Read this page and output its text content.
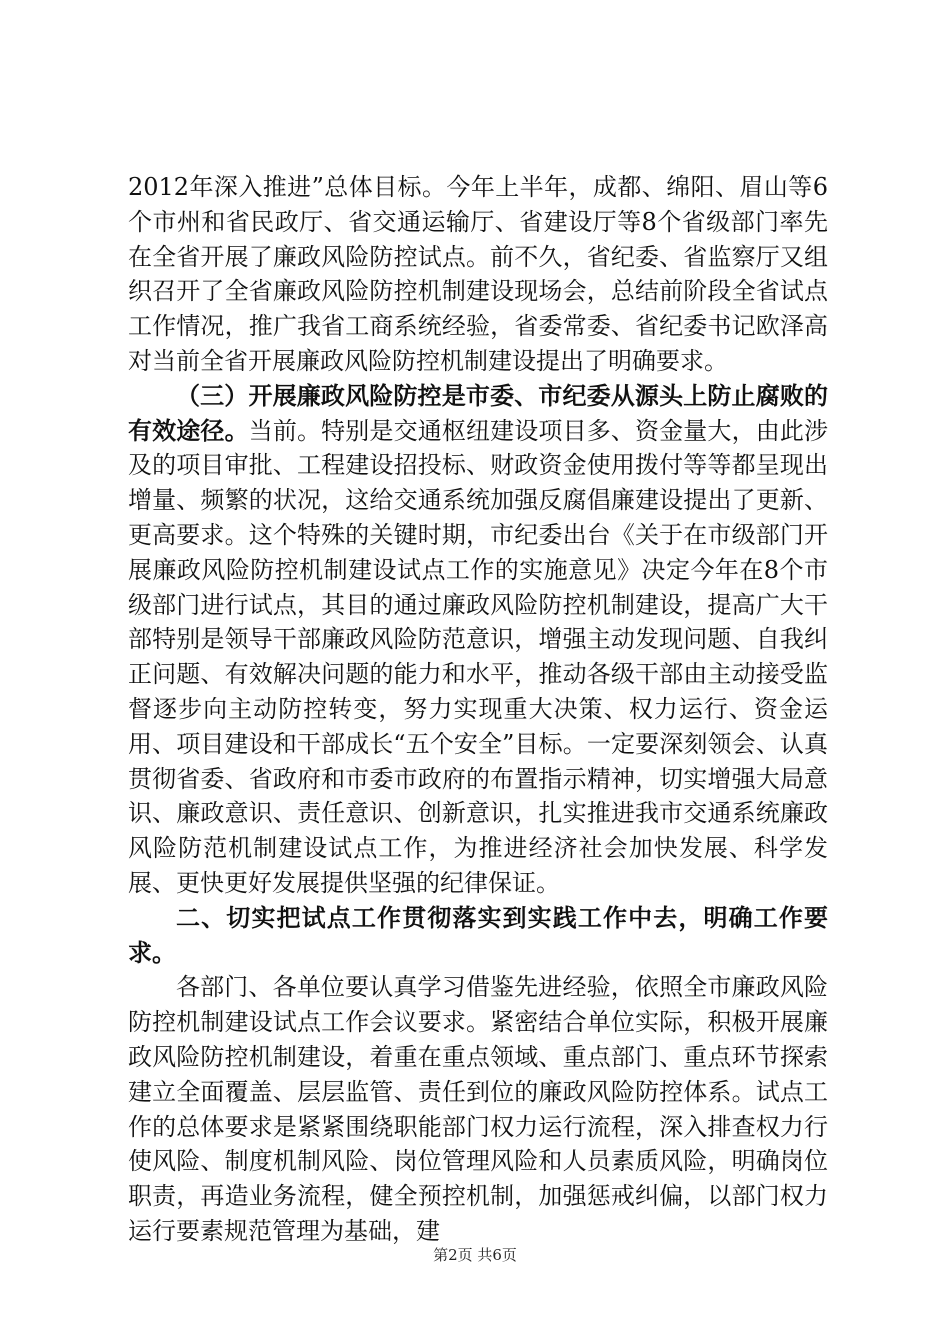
2012年深入推进”总体目标。今年上半年，成都、绵阳、眉山等6个市州和省民政厅、省交通运输厅、省建设厅等8个省级部门率先在全省开展了廉政风险防控试点。前不久，省纪委、省监察厅又组织召开了全省廉政风险防控机制建设现场会，总结前阶段全省试点工作情况，推广我省工商系统经验，省委常委、省纪委书记欧泽高对当前全省开展廉政风险防控机制建设提出了明确要求。

（三）开展廉政风险防控是市委、市纪委从源头上防止腐败的有效途径。当前。特别是交通枢纽建设项目多、资金量大，由此涉及的项目审批、工程建设招投标、财政资金使用拨付等等都呈现出增量、频繁的状况，这给交通系统加强反腐倡廉建设提出了更新、更高要求。这个特殊的关键时期，市纪委出台《关于在市级部门开展廉政风险防控机制建设试点工作的实施意见》决定今年在8个市级部门进行试点，其目的通过廉政风险防控机制建设，提高广大干部特别是领导干部廉政风险防范意识，增强主动发现问题、自我纠正问题、有效解决问题的能力和水平，推动各级干部由主动接受监督逐步向主动防控转变，努力实现重大决策、权力运行、资金运用、项目建设和干部成长“五个安全”目标。一定要深刻领会、认真贯彻省委、省政府和市委市政府的布置指示精神，切实增强大局意识、廉政意识、责任意识、创新意识，扎实推进我市交通系统廉政风险防范机制建设试点工作，为推进经济社会加快发展、科学发展、更快更好发展提供坚强的纪律保证。

二、切实把试点工作贯彻落实到实践工作中去，明确工作要求。

各部门、各单位要认真学习借鉴先进经验，依照全市廉政风险防控机制建设试点工作会议要求。紧密结合单位实际，积极开展廉政风险防控机制建设，着重在重点领域、重点部门、重点环节探索建立全面覆盖、层层监管、责任到位的廉政风险防控体系。试点工作的总体要求是紧紧围绕职能部门权力运行流程，深入排查权力行使风险、制度机制风险、岗位管理风险和人员素质风险，明确岗位职责，再造业务流程，健全预控机制，加强惩戒纠偏，以部门权力运行要素规范管理为基础，建

第2页 共6页
